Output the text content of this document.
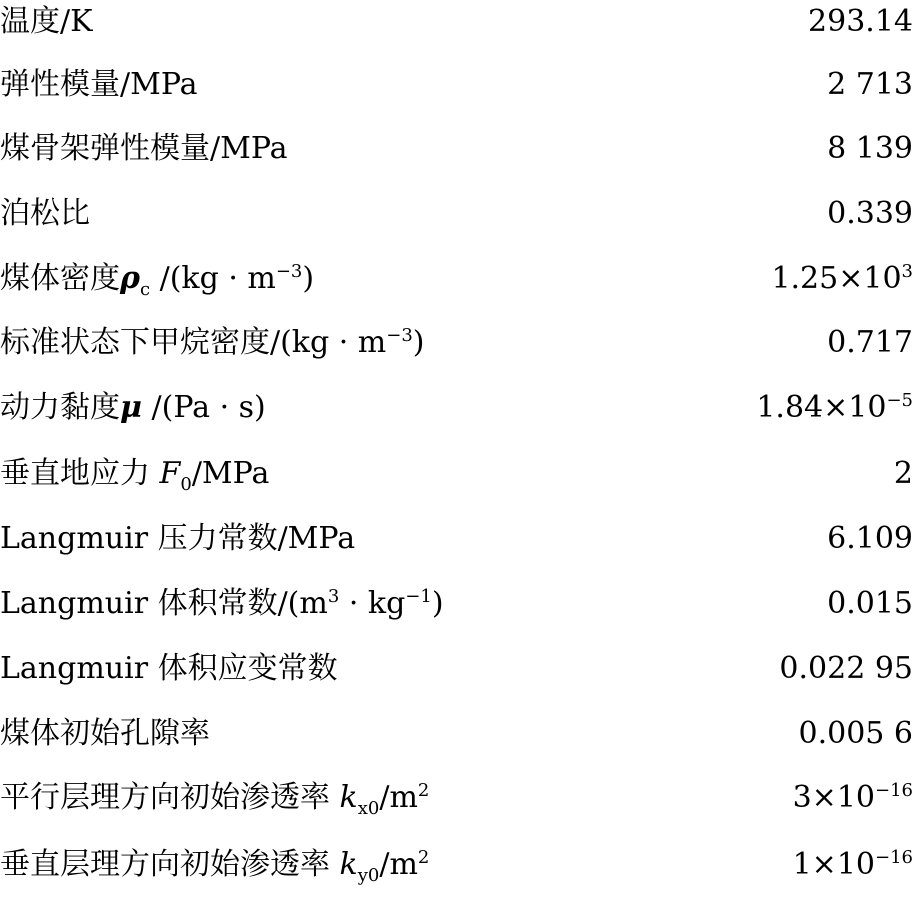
温度/K	293.14
弹性模量/MPa	2 713
煤骨架弹性模量/MPa	8 139
泊松比	0.339
煤体密度$\rho_c$ $/(kg \cdot m^{-3})$	$1.25\times 10^3$
标准状态下甲烷密度$/(kg \cdot m^{-3})$	0.717
动力黏度μ /(Pa · s)	$1.84\times 10^{-5}$
垂直地应力 $F_0$/MPa	2
Langmuir 压力常数/MPa	6.109
Langmuir 体积常数$/(m^3 \cdot kg^{-1})$	0.015
Langmuir 体积应变常数	0.022 95
煤体初始孔隙率	0.005 6
平行层理方向初始渗透率 $k_{x0}/m^2$	$3\times 10^{-16}$
垂直层理方向初始渗透率 $k_{y0}/m^2$	$1\times 10^{-16}$
